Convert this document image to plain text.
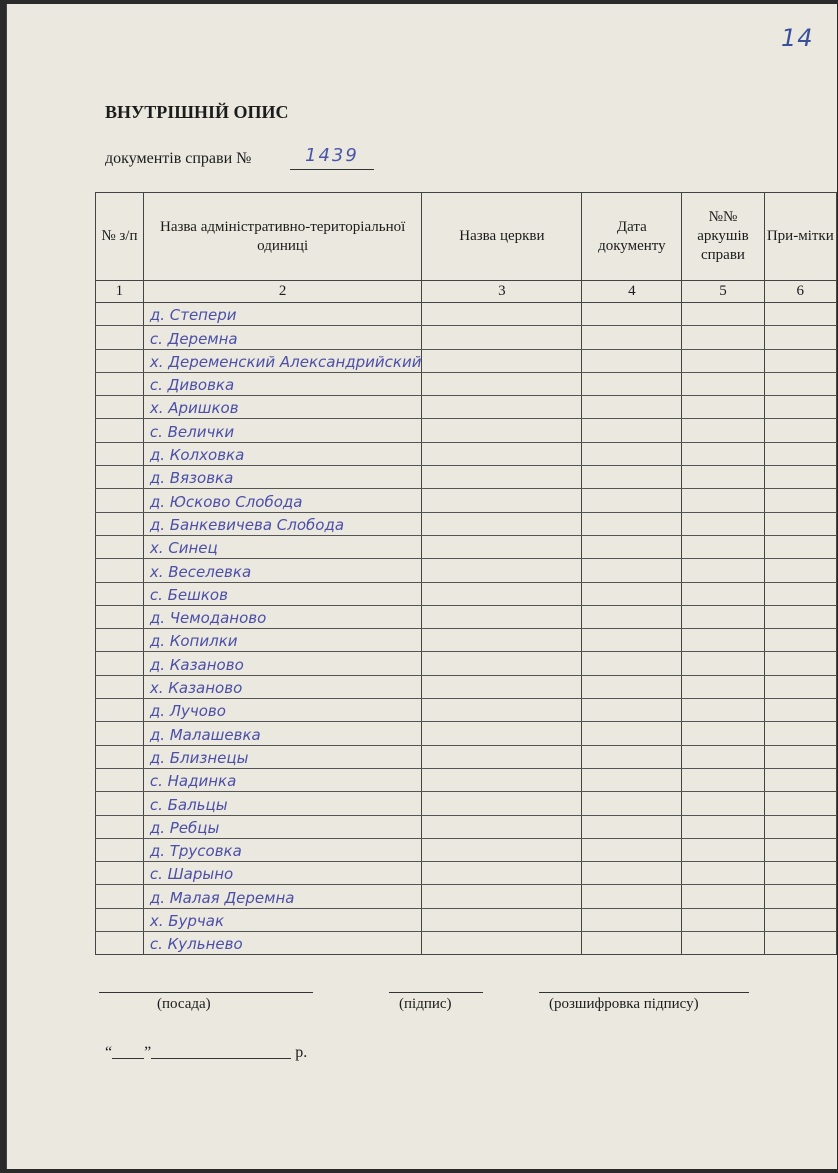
14
ВНУТРІШНІЙ ОПИС
документів справи №	1439
№ з/п	Назва адміністративно-територіальної одиниці	Назва церкви	Дата документу	№№ аркушів справи	При-мітки
1	2	3	4	5	6

	д. Степери				

	с. Деремна				

	х. Деременский Александрийский				

	с. Дивовка				

	х. Аришков				

	с. Велички				

	д. Колховка				

	д. Вязовка				

	д. Юсково Слобода				

	д. Банкевичева Слобода				

	х. Синец				

	х. Веселевка				

	с. Бешков				

	д. Чемоданово				

	д. Копилки				

	д. Казаново				

	х. Казаново				

	д. Лучово				

	д. Малашевка				

	д. Близнецы				

	с. Надинка				

	с. Бальцы				

	д. Ребцы				

	д. Трусовка				

	с. Шарыно				

	д. Малая Деремна				

	х. Бурчак				

	с. Кульнево				

(посада)	(підпис)	(розшифровка підпису)
“ ”	р.
